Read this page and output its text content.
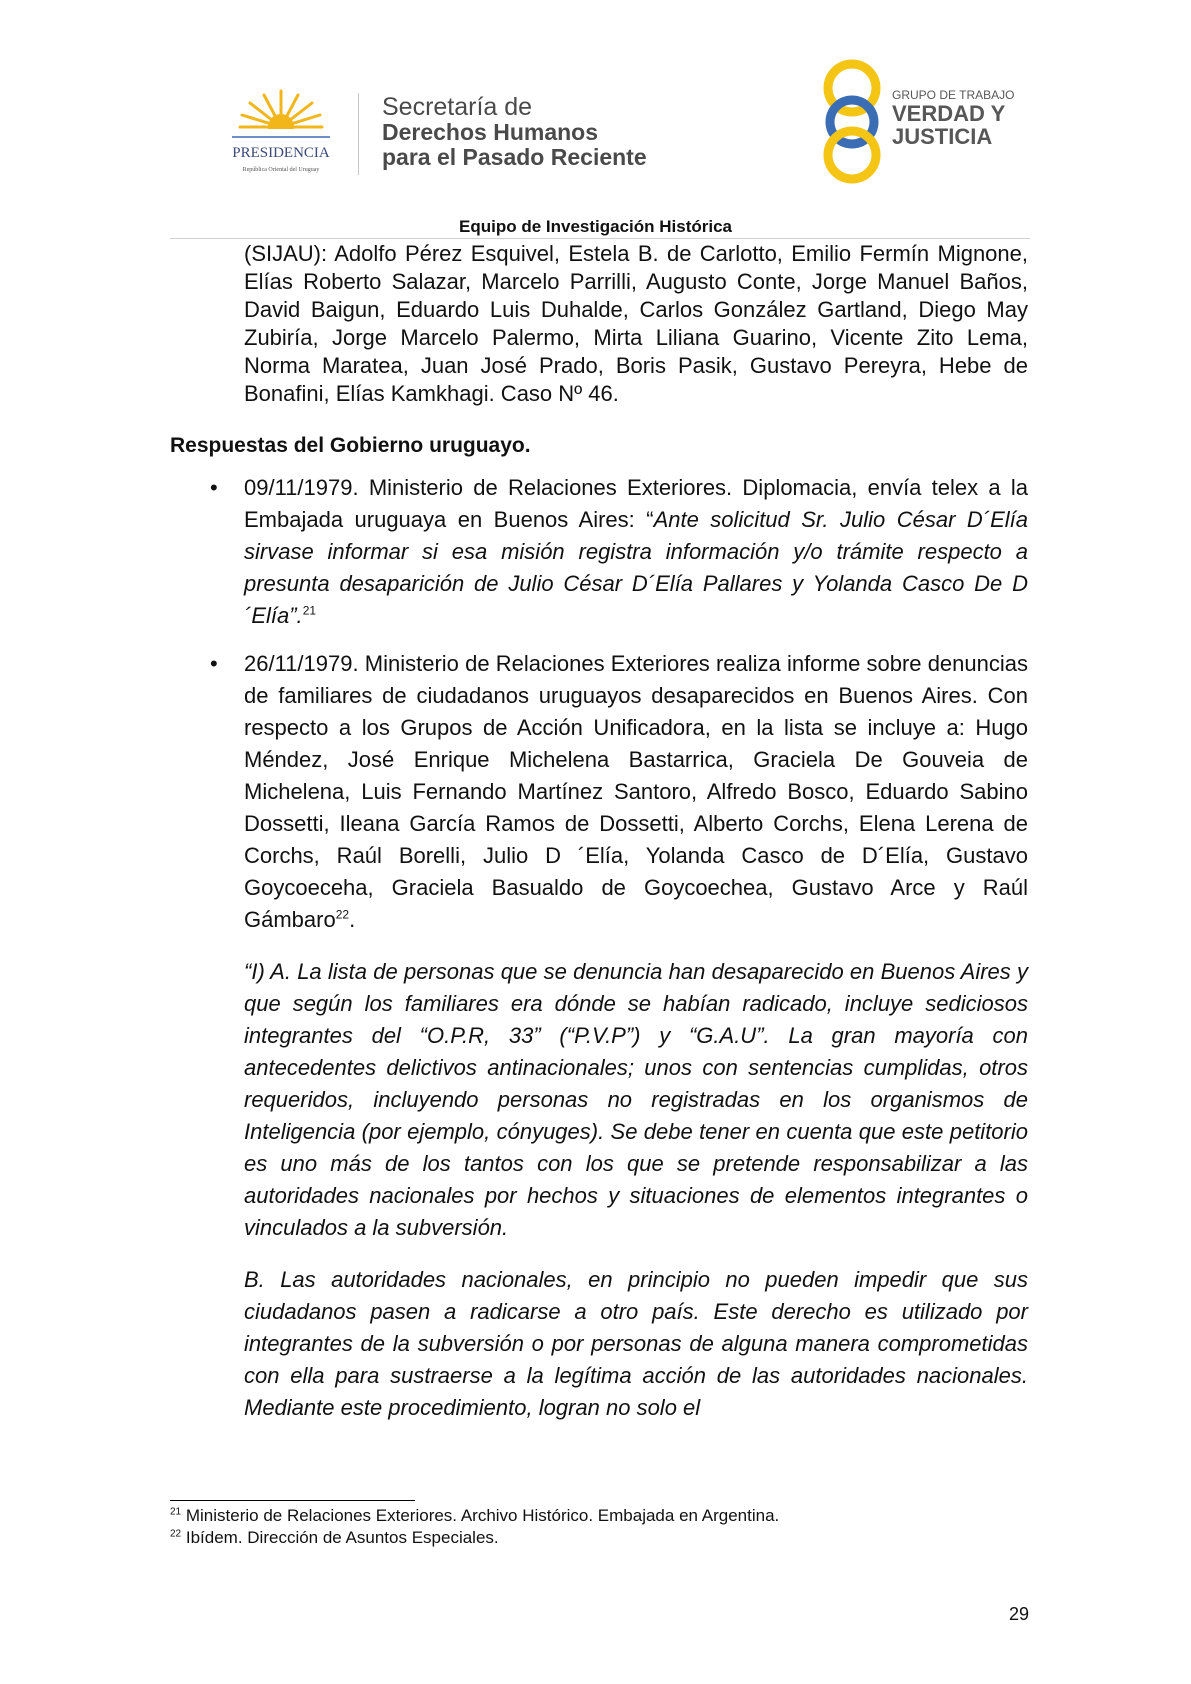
PRESIDENCIA
República Oriental del Uruguay
Secretaría de
Derechos Humanos
para el Pasado Reciente
GRUPO DE TRABAJO
VERDAD Y
JUSTICIA
Equipo de Investigación Histórica

(SIJAU): Adolfo Pérez Esquivel, Estela B. de Carlotto, Emilio Fermín Mignone, Elías Roberto Salazar, Marcelo Parrilli, Augusto Conte, Jorge Manuel Baños, David Baigun, Eduardo Luis Duhalde, Carlos González Gartland, Diego May Zubiría, Jorge Marcelo Palermo, Mirta Liliana Guarino, Vicente Zito Lema, Norma Maratea, Juan José Prado, Boris Pasik, Gustavo Pereyra, Hebe de Bonafini, Elías Kamkhagi. Caso Nº 46.

Respuestas del Gobierno uruguayo.
• 09/11/1979. Ministerio de Relaciones Exteriores. Diplomacia, envía telex a la Embajada uruguaya en Buenos Aires: “Ante solicitud Sr. Julio César D´Elía sirvase informar si esa misión registra información y/o trámite respecto a presunta desaparición de Julio César D´Elía Pallares y Yolanda Casco De D´Elía”.$^{21}$
• 26/11/1979. Ministerio de Relaciones Exteriores realiza informe sobre denuncias de familiares de ciudadanos uruguayos desaparecidos en Buenos Aires. Con respecto a los Grupos de Acción Unificadora, en la lista se incluye a: Hugo Méndez, José Enrique Michelena Bastarrica, Graciela De Gouveia de Michelena, Luis Fernando Martínez Santoro, Alfredo Bosco, Eduardo Sabino Dossetti, Ileana García Ramos de Dossetti, Alberto Corchs, Elena Lerena de Corchs, Raúl Borelli, Julio D ´Elía, Yolanda Casco de D´Elía, Gustavo Goycoeceha, Graciela Basualdo de Goycoechea, Gustavo Arce y Raúl Gámbaro$^{22}$.

“I) A. La lista de personas que se denuncia han desaparecido en Buenos Aires y que según los familiares era dónde se habían radicado, incluye sediciosos integrantes del “O.P.R, 33” (“P.V.P”) y “G.A.U”. La gran mayoría con antecedentes delictivos antinacionales; unos con sentencias cumplidas, otros requeridos, incluyendo personas no registradas en los organismos de Inteligencia (por ejemplo, cónyuges). Se debe tener en cuenta que este petitorio es uno más de los tantos con los que se pretende responsabilizar a las autoridades nacionales por hechos y situaciones de elementos integrantes o vinculados a la subversión.

B. Las autoridades nacionales, en principio no pueden impedir que sus ciudadanos pasen a radicarse a otro país. Este derecho es utilizado por integrantes de la subversión o por personas de alguna manera comprometidas con ella para sustraerse a la legítima acción de las autoridades nacionales. Mediante este procedimiento, logran no solo el

$^{21}$ Ministerio de Relaciones Exteriores. Archivo Histórico. Embajada en Argentina.
$^{22}$ Ibídem. Dirección de Asuntos Especiales.
29
